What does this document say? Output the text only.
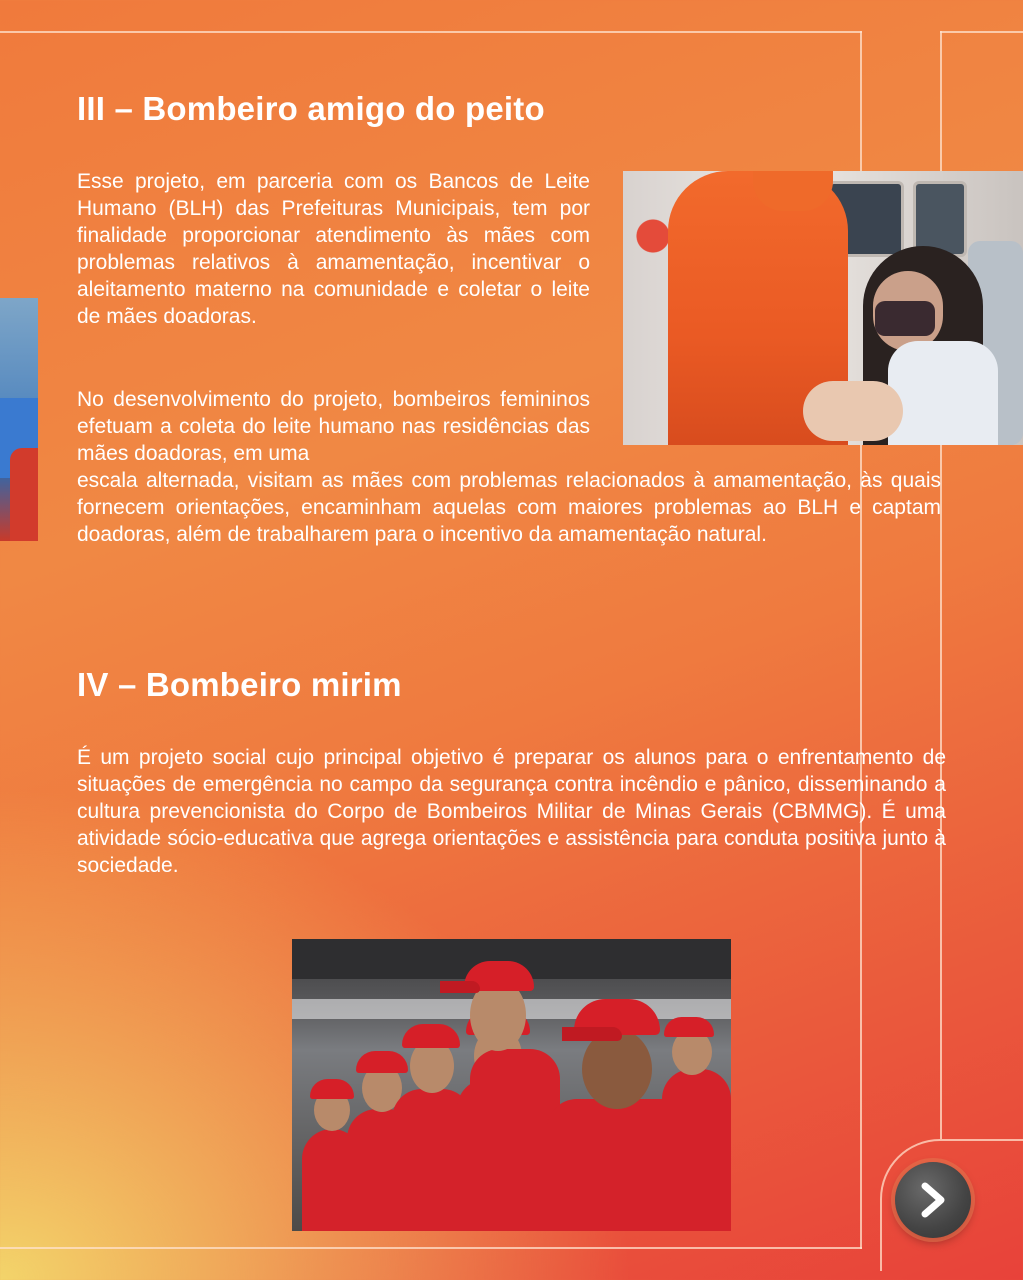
III – Bombeiro amigo do peito

Esse projeto, em parceria com os Bancos de Leite Humano (BLH) das Prefeituras Municipais, tem por finalidade proporcionar atendimento às mães com problemas relativos à amamentação, incentivar o aleitamento materno na comunidade e coletar o leite de mães doadoras.

No desenvolvimento do projeto, bombeiros femininos efetuam a coleta do leite humano nas residências das mães doadoras, em uma

escala alternada, visitam as mães com problemas relacionados à amamentação, às quais fornecem orientações, encaminham aquelas com maiores problemas ao BLH e captam doadoras, além de trabalharem para o incentivo da amamentação natural.

IV – Bombeiro mirim

É um projeto social cujo principal objetivo é preparar os alunos para o enfrentamento de situações de emergência no campo da segurança contra incêndio e pânico, disseminando a cultura prevencionista do Corpo de Bombeiros Militar de Minas Gerais (CBMMG). É uma atividade sócio-educativa que agrega orientações e assistência para conduta positiva junto à sociedade.
